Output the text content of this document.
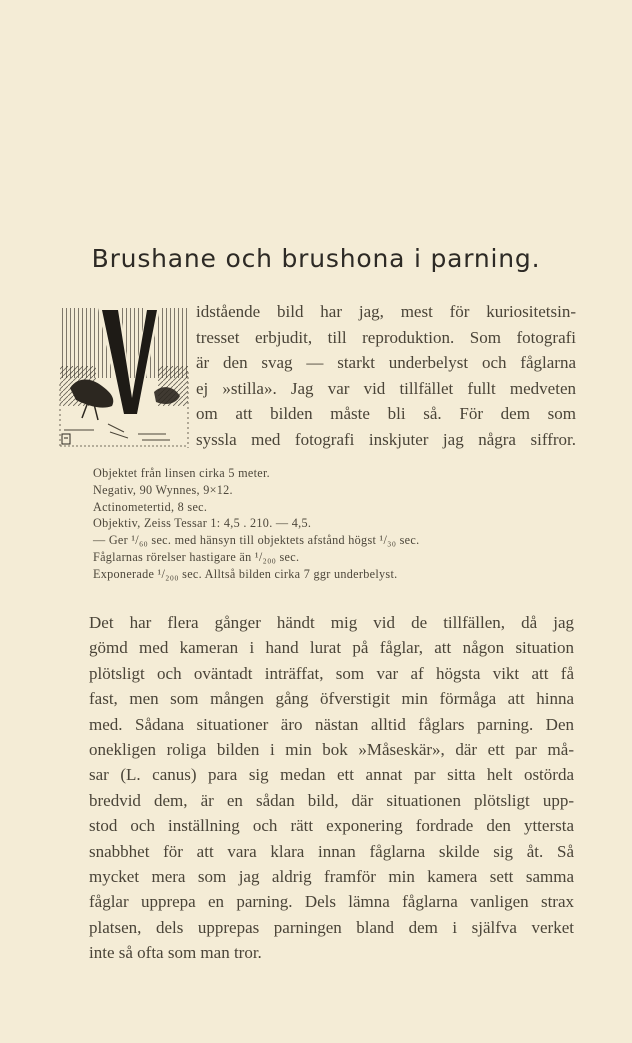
Brushane och brushona i parning.
idstående bild har jag, mest för kuriositetsin-
tresset erbjudit, till reproduktion. Som fotografi
är den svag — starkt underbelyst och fåglarna
ej »stilla». Jag var vid tillfället fullt medveten
om att bilden måste bli så. För dem som
syssla med fotografi inskjuter jag några siffror.
Objektet från linsen cirka 5 meter.
Negativ, 90 Wynnes, 9×12.
Actinometertid, 8 sec.
Objektiv, Zeiss Tessar 1: 4,5 . 210. — 4,5.
— Ger ¹/₆₀ sec. med hänsyn till objektets afstånd högst ¹/₃₀ sec.
Fåglarnas rörelser hastigare än ¹/₂₀₀ sec.
Exponerade ¹/₂₀₀ sec. Alltså bilden cirka 7 ggr underbelyst.
Det har flera gånger händt mig vid de tillfällen, då jag
gömd med kameran i hand lurat på fåglar, att någon situation
plötsligt och oväntadt inträffat, som var af högsta vikt att få
fast, men som mången gång öfverstigit min förmåga att hinna
med. Sådana situationer äro nästan alltid fåglars parning. Den
onekligen roliga bilden i min bok »Måseskär», där ett par må-
sar (L. canus) para sig medan ett annat par sitta helt ostörda
bredvid dem, är en sådan bild, där situationen plötsligt upp-
stod och inställning och rätt exponering fordrade den yttersta
snabbhet för att vara klara innan fåglarna skilde sig åt. Så
mycket mera som jag aldrig framför min kamera sett samma
fåglar upprepa en parning. Dels lämna fåglarna vanligen strax
platsen, dels upprepas parningen bland dem i själfva verket
inte så ofta som man tror.
